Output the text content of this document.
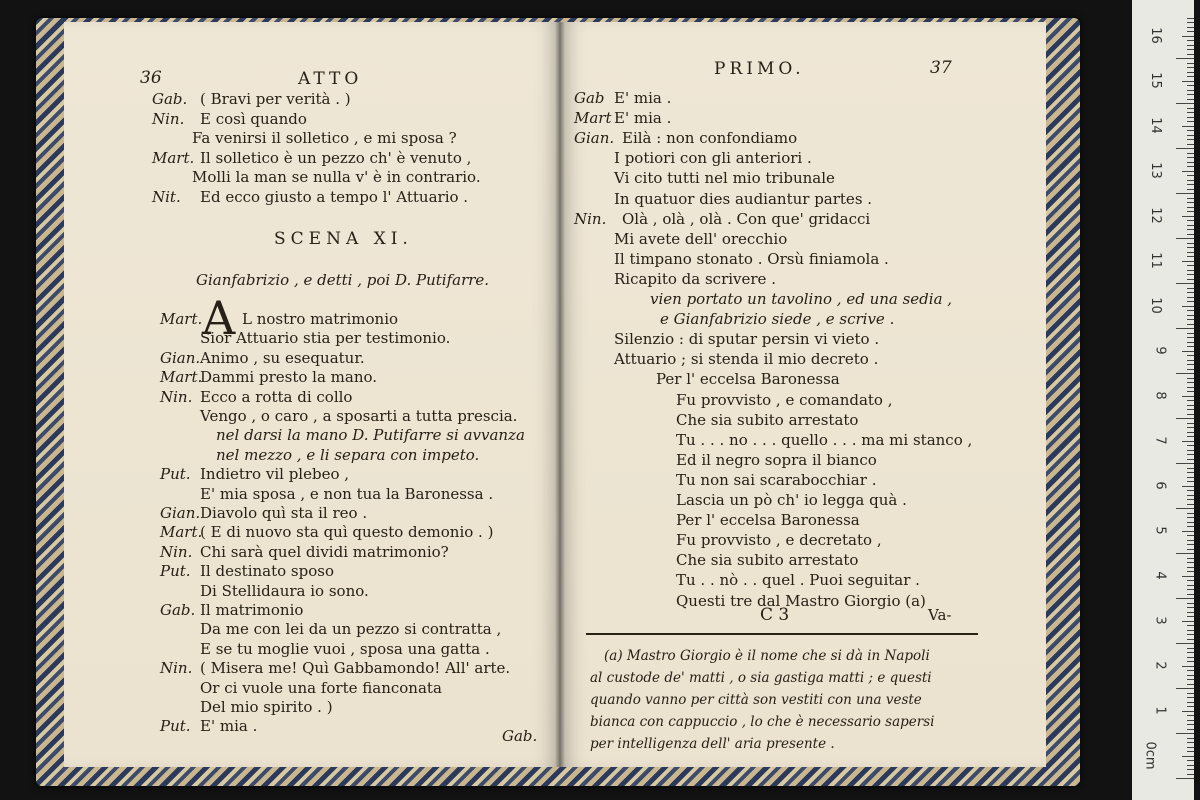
36	ATTO
SCENA XI.
Gianfabrizio , e detti , poi D. Putifarre.
A
Gab.
Gab. ( Bravi per verità . )
Nin. E così quando
Fa venirsi il solletico , e mi sposa ?
Mart. Il solletico è un pezzo ch' è venuto ,
Molli la man se nulla v' è in contrario.
Nit. Ed ecco giusto a tempo l' Attuario .
Mart.	L nostro matrimonio
Sior Attuario stia per testimonio.
Gian. Animo , su esequatur.
Mart.
Dammi presto la mano.
Nin. Ecco a rotta di collo
Vengo , o caro , a sposarti a tutta prescia.
nel darsi la mano D. Putifarre si avvanza
nel mezzo , e li separa con impeto.
Put. Indietro vil plebeo ,
E' mia sposa , e non tua la Baronessa .
Gian. Diavolo quì sta il reo .
Mart.
( E di nuovo sta quì questo demonio . )
Nin. Chi sarà quel dividi matrimonio?
Put. Il destinato sposo
Di Stellidaura io sono.
Gab. Il matrimonio
Da me con lei da un pezzo si contratta ,
E se tu moglie vuoi , sposa una gatta .
Nin. ( Misera me! Quì Gabbamondo! All' arte.
Or ci vuole una forte fianconata
Del mio spirito . )
Put. E' mia .
PRIMO.	37
C 3	Va-
Gab E' mia .
Mart E' mia .
Gian. Eilà : non confondiamo
I potiori con gli anteriori .
Vi cito tutti nel mio tribunale
In quatuor dies audiantur partes .
Nin. Olà , olà , olà . Con que' gridacci
Mi avete dell' orecchio
Il timpano stonato . Orsù finiamola .
Ricapito da scrivere .
vien portato un tavolino , ed una sedia ,
e Gianfabrizio siede , e scrive .
Silenzio : di sputar persin vi vieto .
Attuario ; si stenda il mio decreto .
Per l' eccelsa Baronessa
Fu provvisto , e comandato ,
Che sia subito arrestato
Tu . . . no . . . quello . . . ma mi stanco ,
Ed il negro sopra il bianco
Tu non sai scarabocchiar .
Lascia un pò ch' io legga quà .
Per l' eccelsa Baronessa
Fu provvisto , e decretato ,
Che sia subito arrestato
Tu . . nò . . quel . Puoi seguitar .
Questi tre dal Mastro Giorgio (a)
(a) Mastro Giorgio è il nome che si dà in Napoli
al custode de' matti , o sia gastiga matti ; e questi
quando vanno per città son vestiti con una veste
bianca con cappuccio , lo che è necessario sapersi
per intelligenza dell' aria presente .
16
15
14
13
12
11
10
9
8
7
6
5
4
3
2
1
0cm
